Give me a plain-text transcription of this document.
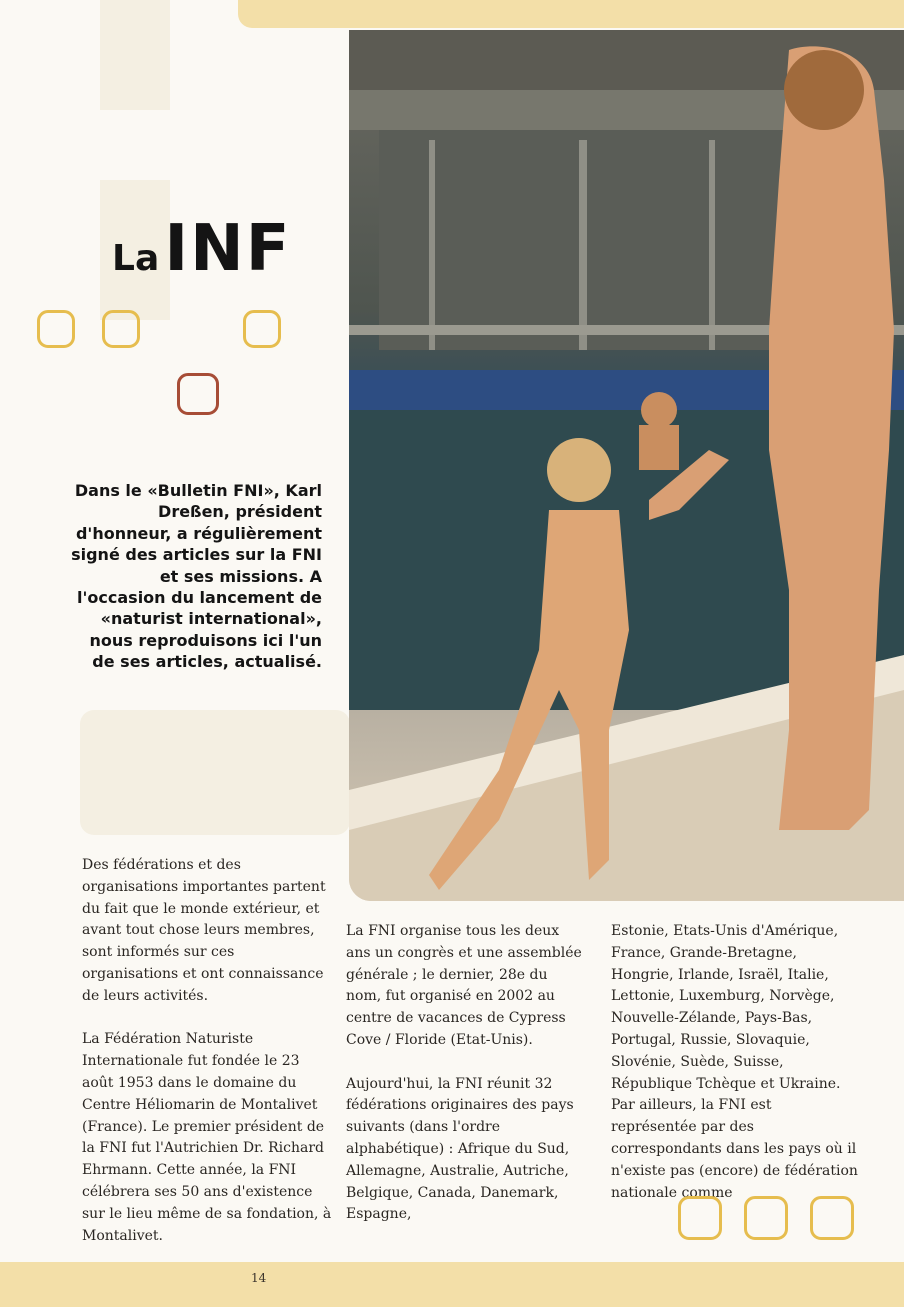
La INF
Dans le «Bulletin FNI», Karl Dreßen, président d'honneur, a régulièrement signé des articles sur la FNI et ses missions. A l'occasion du lancement de «naturist international», nous reproduisons ici l'un de ses articles, actualisé.

Des fédérations et des organisations importantes partent du fait que le monde extérieur, et avant tout chose leurs membres, sont informés sur ces organisations et ont connaissance de leurs activités.

La Fédération Naturiste Internationale fut fondée le 23 août 1953 dans le domaine du Centre Héliomarin de Montalivet (France). Le premier président de la FNI fut l'Autrichien Dr. Richard Ehrmann. Cette année, la FNI célébrera ses 50 ans d'existence sur le lieu même de sa fondation, à Montalivet.

La FNI organise tous les deux ans un congrès et une assemblée générale ; le dernier, 28e du nom, fut organisé en 2002 au centre de vacances de Cypress Cove / Floride (Etat-Unis).

Aujourd'hui, la FNI réunit 32 fédérations originaires des pays suivants (dans l'ordre alphabétique) : Afrique du Sud, Allemagne, Australie, Autriche, Belgique, Canada, Danemark, Espagne,

Estonie, Etats-Unis d'Amérique, France, Grande-Bretagne, Hongrie, Irlande, Israël, Italie, Lettonie, Luxemburg, Norvège, Nouvelle-Zélande, Pays-Bas, Portugal, Russie, Slovaquie, Slovénie, Suède, Suisse, République Tchèque et Ukraine. Par ailleurs, la FNI est représentée par des correspondants dans les pays où il n'existe pas (encore) de fédération nationale comme

14
